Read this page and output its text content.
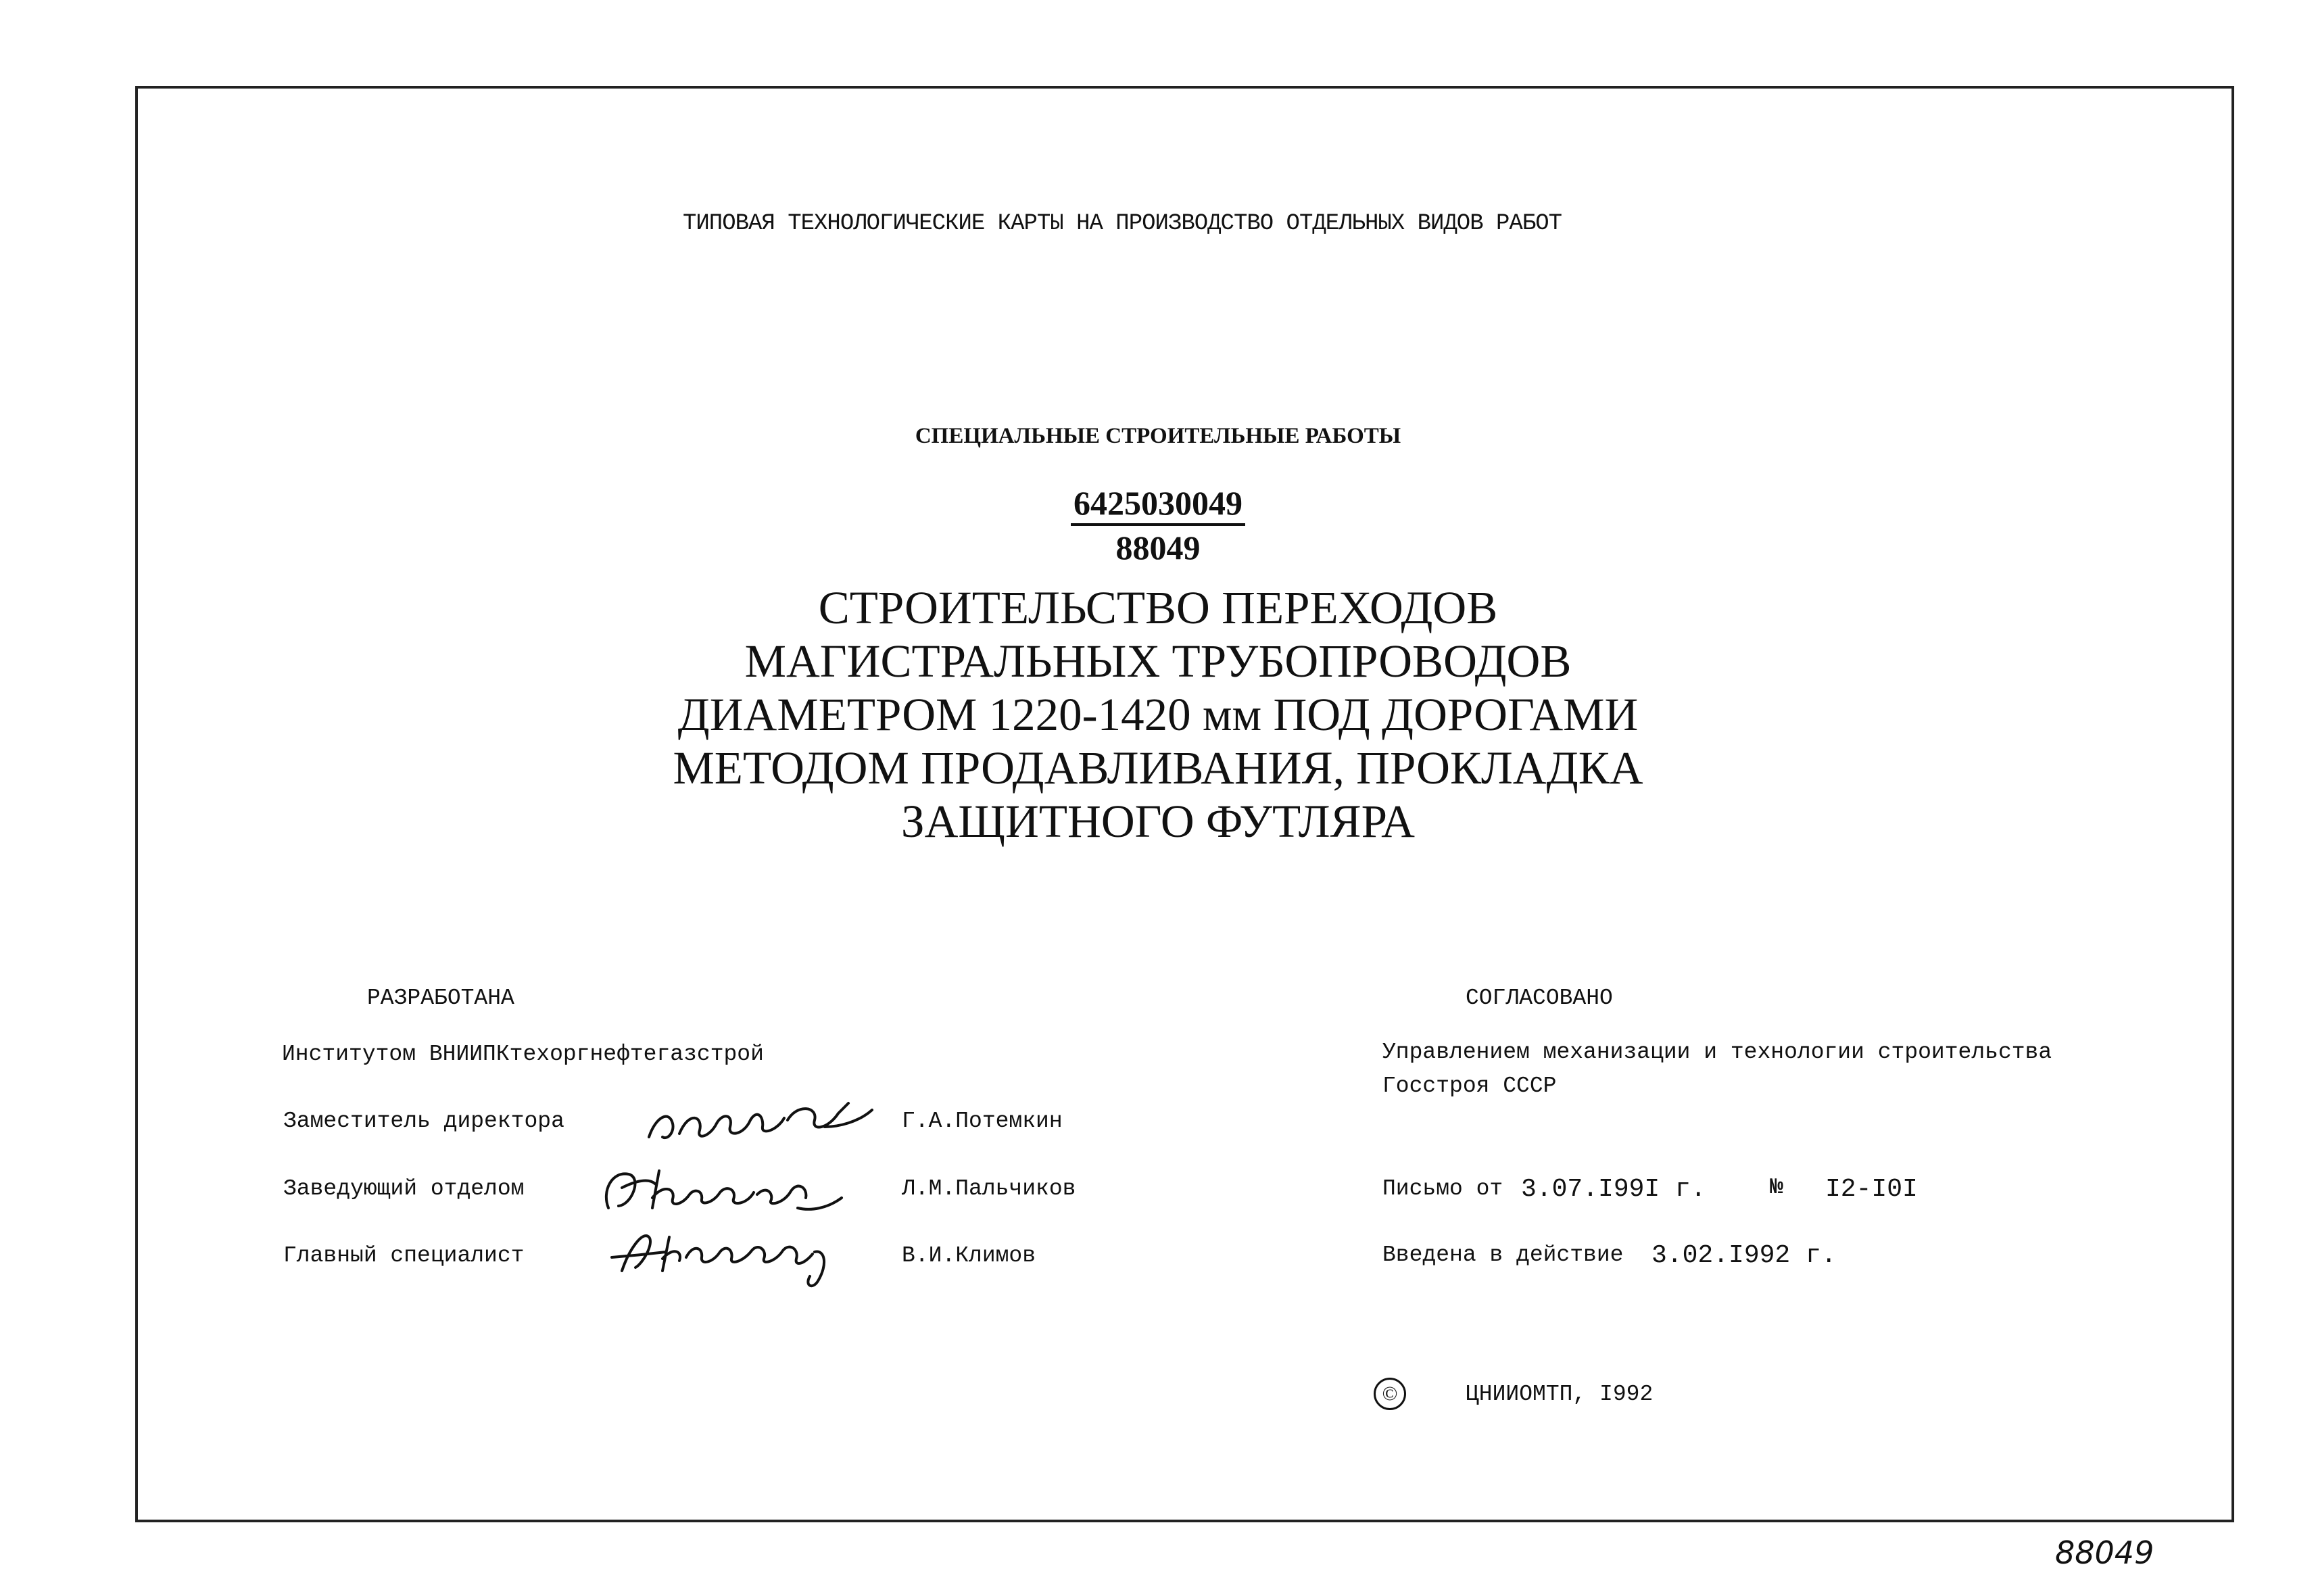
ТИПОВАЯ ТЕХНОЛОГИЧЕСКИЕ КАРТЫ НА ПРОИЗВОДСТВО ОТДЕЛЬНЫХ ВИДОВ РАБОТ
СПЕЦИАЛЬНЫЕ СТРОИТЕЛЬНЫЕ РАБОТЫ
$\frac{6425030049}{88049}$
СТРОИТЕЛЬСТВО ПЕРЕХОДОВ
МАГИСТРАЛЬНЫХ ТРУБОПРОВОДОВ
ДИАМЕТРОМ 1220-1420 мм ПОД ДОРОГАМИ
МЕТОДОМ ПРОДАВЛИВАНИЯ, ПРОКЛАДКА
ЗАЩИТНОГО ФУТЛЯРА
РАЗРАБОТАНА
Институтом ВНИИПКтехоргнефтегазстрой
Заместитель директора	Г.А.Потемкин
Заведующий отделом	Л.М.Пальчиков
Главный специалист	В.И.Климов
СОГЛАСОВАНО
Управлением механизации и технологии строительства
Госстроя СССР
Письмо от 3.07.I99I г.	№ I2-I0I
Введена в действие 3.02.I992 г.
©	ЦНИИОМТП, I992
88049
